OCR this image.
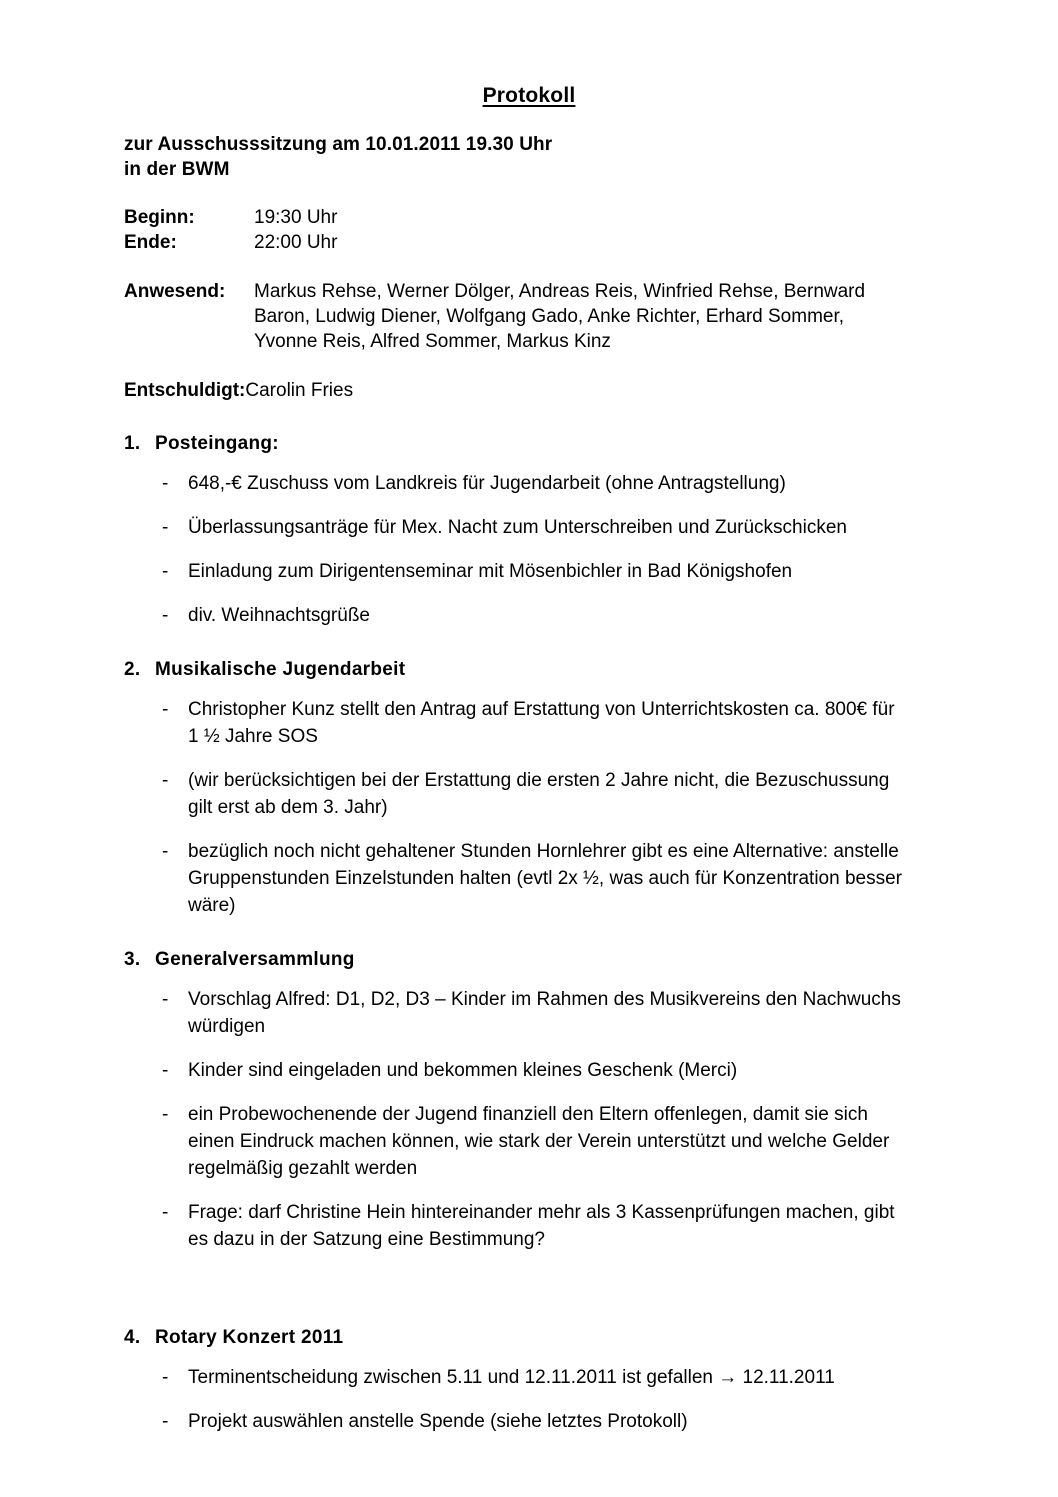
Protokoll
zur Ausschusssitzung am 10.01.2011 19.30 Uhr
in der BWM
Beginn:	19:30 Uhr
Ende:	22:00 Uhr
Anwesend:	Markus Rehse, Werner Dölger, Andreas Reis, Winfried Rehse, Bernward
Baron, Ludwig Diener, Wolfgang Gado, Anke Richter, Erhard Sommer,
Yvonne Reis, Alfred Sommer, Markus Kinz
Entschuldigt:Carolin Fries
1. Posteingang:
-	648,-€ Zuschuss vom Landkreis für Jugendarbeit (ohne Antragstellung)
-	Überlassungsanträge für Mex. Nacht zum Unterschreiben und Zurückschicken
-	Einladung zum Dirigentenseminar mit Mösenbichler in Bad Königshofen
-	div. Weihnachtsgrüße
2. Musikalische Jugendarbeit
-	Christopher Kunz stellt den Antrag auf Erstattung von Unterrichtskosten ca. 800€ für
1 ½ Jahre SOS
-	(wir berücksichtigen bei der Erstattung die ersten 2 Jahre nicht, die Bezuschussung
gilt erst ab dem 3. Jahr)
-	bezüglich noch nicht gehaltener Stunden Hornlehrer gibt es eine Alternative: anstelle
Gruppenstunden Einzelstunden halten (evtl 2x ½, was auch für Konzentration besser
wäre)
3. Generalversammlung
-	Vorschlag Alfred: D1, D2, D3 – Kinder im Rahmen des Musikvereins den Nachwuchs
würdigen
-	Kinder sind eingeladen und bekommen kleines Geschenk (Merci)
-	ein Probewochenende der Jugend finanziell den Eltern offenlegen, damit sie sich
einen Eindruck machen können, wie stark der Verein unterstützt und welche Gelder
regelmäßig gezahlt werden
-	Frage: darf Christine Hein hintereinander mehr als 3 Kassenprüfungen machen, gibt
es dazu in der Satzung eine Bestimmung?
4. Rotary Konzert 2011
-	Terminentscheidung zwischen 5.11 und 12.11.2011 ist gefallen → 12.11.2011
-	Projekt auswählen anstelle Spende (siehe letztes Protokoll)
